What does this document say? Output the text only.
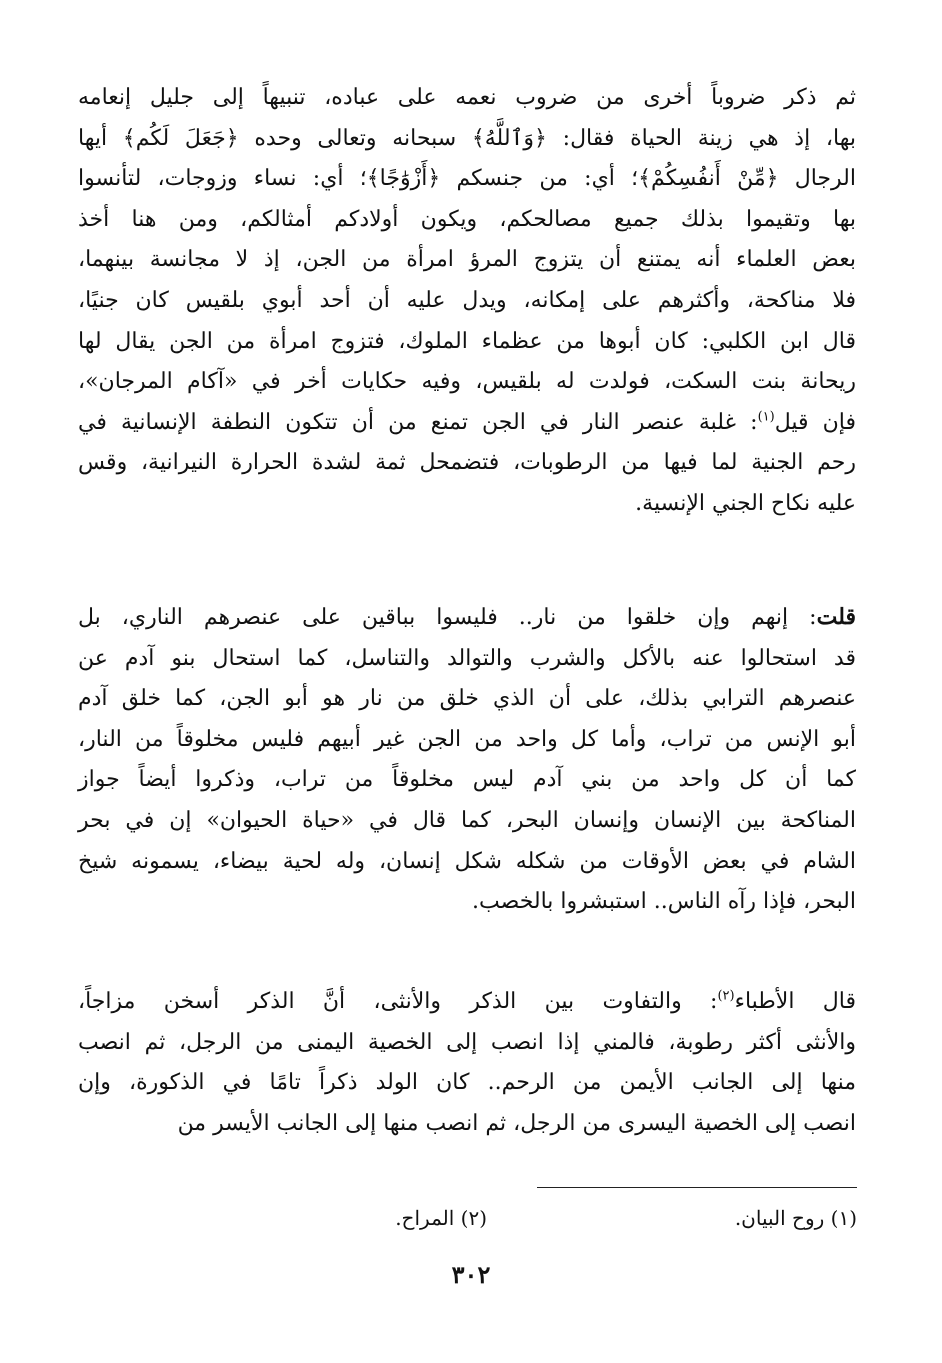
ثم ذكر ضروباً أخرى من ضروب نعمه على عباده، تنبيهاً إلى جليل إنعامه
بها، إذ هي زينة الحياة فقال: ﴿وَٱللَّهُ﴾ سبحانه وتعالى وحده ﴿جَعَلَ لَكُم﴾ أيها
الرجال ﴿مِّنْ أَنفُسِكُمْ﴾؛ أي: من جنسكم ﴿أَزْوَٰجًا﴾؛ أي: نساء وزوجات، لتأنسوا
بها وتقيموا بذلك جميع مصالحكم، ويكون أولادكم أمثالكم، ومن هنا أخذ
بعض العلماء أنه يمتنع أن يتزوج المرؤ امرأة من الجن، إذ لا مجانسة بينهما،
فلا مناكحة، وأكثرهم على إمكانه، ويدل عليه أن أحد أبوي بلقيس كان جنيًا،
قال ابن الكلبي: كان أبوها من عظماء الملوك، فتزوج امرأة من الجن يقال لها
ريحانة بنت السكت، فولدت له بلقيس، وفيه حكايات أخر في «آكام المرجان»،
فإن قيل$^{(١)}$: غلبة عنصر النار في الجن تمنع من أن تتكون النطفة الإنسانية في
رحم الجنية لما فيها من الرطوبات، فتضمحل ثمة لشدة الحرارة النيرانية، وقس
عليه نكاح الجني الإنسية.
قلت: إنهم وإن خلقوا من نار.. فليسوا بباقين على عنصرهم الناري، بل
قد استحالوا عنه بالأكل والشرب والتوالد والتناسل، كما استحال بنو آدم عن
عنصرهم الترابي بذلك، على أن الذي خلق من نار هو أبو الجن، كما خلق آدم
أبو الإنس من تراب، وأما كل واحد من الجن غير أبيهم فليس مخلوقاً من النار،
كما أن كل واحد من بني آدم ليس مخلوقاً من تراب، وذكروا أيضاً جواز
المناكحة بين الإنسان وإنسان البحر، كما قال في «حياة الحيوان» إن في بحر
الشام في بعض الأوقات من شكله شكل إنسان، وله لحية بيضاء، يسمونه شيخ
البحر، فإذا رآه الناس.. استبشروا بالخصب.
قال الأطباء$^{(٢)}$: والتفاوت بين الذكر والأنثى، أنَّ الذكر أسخن مزاجاً،
والأنثى أكثر رطوبة، فالمني إذا انصب إلى الخصية اليمنى من الرجل، ثم انصب
منها إلى الجانب الأيمن من الرحم.. كان الولد ذكراً تامًا في الذكورة، وإن
انصب إلى الخصية اليسرى من الرجل، ثم انصب منها إلى الجانب الأيسر من
(١) روح البيان.
(٢) المراح.
٣٠٢
